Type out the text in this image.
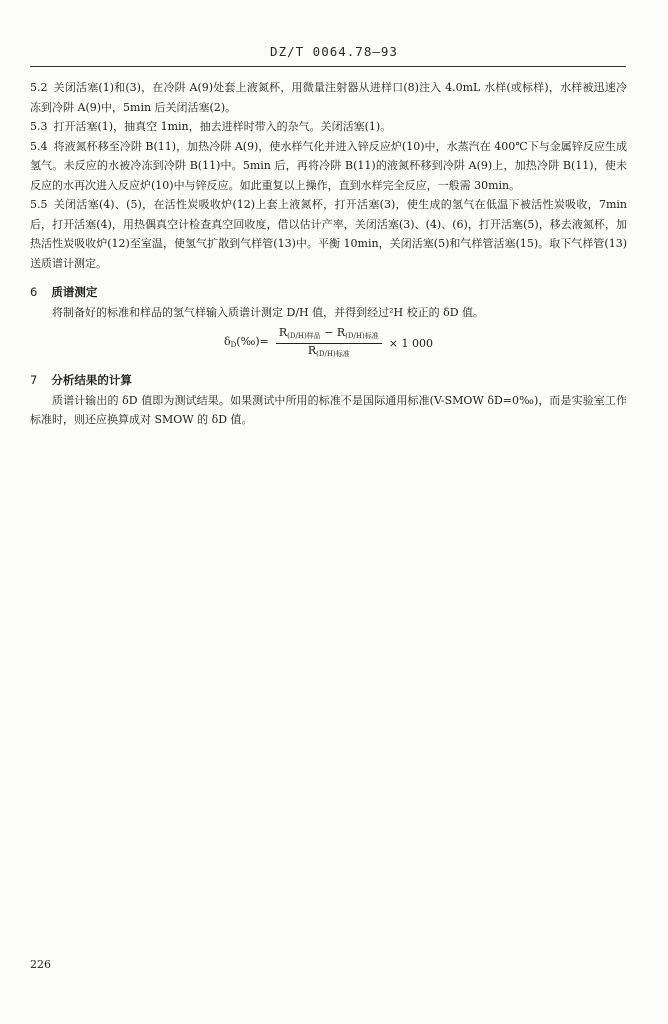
DZ/T 0064.78—93

5.2 关闭活塞(1)和(3)，在冷阱 A(9)处套上液氮杯，用微量注射器从进样口(8)注入 4.0mL 水样(或标样)，水样被迅速冷冻到冷阱 A(9)中，5min 后关闭活塞(2)。

5.3 打开活塞(1)，抽真空 1min，抽去进样时带入的杂气。关闭活塞(1)。

5.4 将液氮杯移至冷阱 B(11)，加热冷阱 A(9)，使水样气化并进入锌反应炉(10)中，水蒸汽在 400℃下与金属锌反应生成氢气。未反应的水被冷冻到冷阱 B(11)中。5min 后，再将冷阱 B(11)的液氮杯移到冷阱 A(9)上，加热冷阱 B(11)，使未反应的水再次进入反应炉(10)中与锌反应。如此重复以上操作，直到水样完全反应，一般需 30min。

5.5 关闭活塞(4)、(5)，在活性炭吸收炉(12)上套上液氮杯，打开活塞(3)，使生成的氢气在低温下被活性炭吸收，7min 后，打开活塞(4)，用热偶真空计检查真空回收度，借以估计产率，关闭活塞(3)、(4)、(6)，打开活塞(5)，移去液氮杯，加热活性炭吸收炉(12)至室温，使氢气扩散到气样管(13)中。平衡 10min，关闭活塞(5)和气样管活塞(15)。取下气样管(13)送质谱计测定。

6 质谱测定

将制备好的标准和样品的氢气样输入质谱计测定 D/H 值，并得到经过²H 校正的 δD 值。

$\delta_D(‰)= \frac{R_{(D/H)样品} - R_{(D/H)标准}}{R_{(D/H)标准}} \times 1$ 000
7 分析结果的计算

质谱计输出的 δD 值即为测试结果。如果测试中所用的标准不是国际通用标准(V-SMOW δD=0‰)，而是实验室工作标准时，则还应换算成对 SMOW 的 δD 值。

226
